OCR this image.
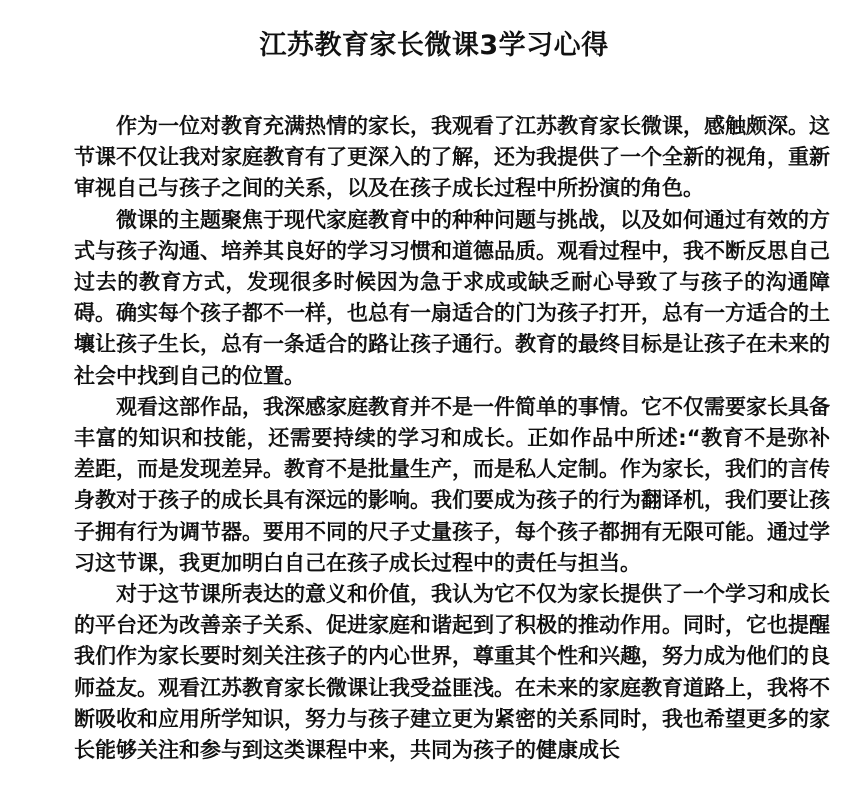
江苏教育家长微课3学习心得

作为一位对教育充满热情的家长，我观看了江苏教育家长微课，感触颇深。这节课不仅让我对家庭教育有了更深入的了解，还为我提供了一个全新的视角，重新审视自己与孩子之间的关系，以及在孩子成长过程中所扮演的角色。

微课的主题聚焦于现代家庭教育中的种种问题与挑战，以及如何通过有效的方式与孩子沟通、培养其良好的学习习惯和道德品质。观看过程中，我不断反思自己过去的教育方式，发现很多时候因为急于求成或缺乏耐心导致了与孩子的沟通障碍。确实每个孩子都不一样，也总有一扇适合的门为孩子打开，总有一方适合的土壤让孩子生长，总有一条适合的路让孩子通行。教育的最终目标是让孩子在未来的社会中找到自己的位置。

观看这部作品，我深感家庭教育并不是一件简单的事情。它不仅需要家长具备丰富的知识和技能，还需要持续的学习和成长。正如作品中所述:“教育不是弥补差距，而是发现差异。教育不是批量生产，而是私人定制。作为家长，我们的言传身教对于孩子的成长具有深远的影响。我们要成为孩子的行为翻译机，我们要让孩子拥有行为调节器。要用不同的尺子丈量孩子，每个孩子都拥有无限可能。通过学习这节课，我更加明白自己在孩子成长过程中的责任与担当。

对于这节课所表达的意义和价值，我认为它不仅为家长提供了一个学习和成长的平台还为改善亲子关系、促进家庭和谐起到了积极的推动作用。同时，它也提醒我们作为家长要时刻关注孩子的内心世界，尊重其个性和兴趣，努力成为他们的良师益友。观看江苏教育家长微课让我受益匪浅。在未来的家庭教育道路上，我将不断吸收和应用所学知识，努力与孩子建立更为紧密的关系同时，我也希望更多的家长能够关注和参与到这类课程中来，共同为孩子的健康成长
